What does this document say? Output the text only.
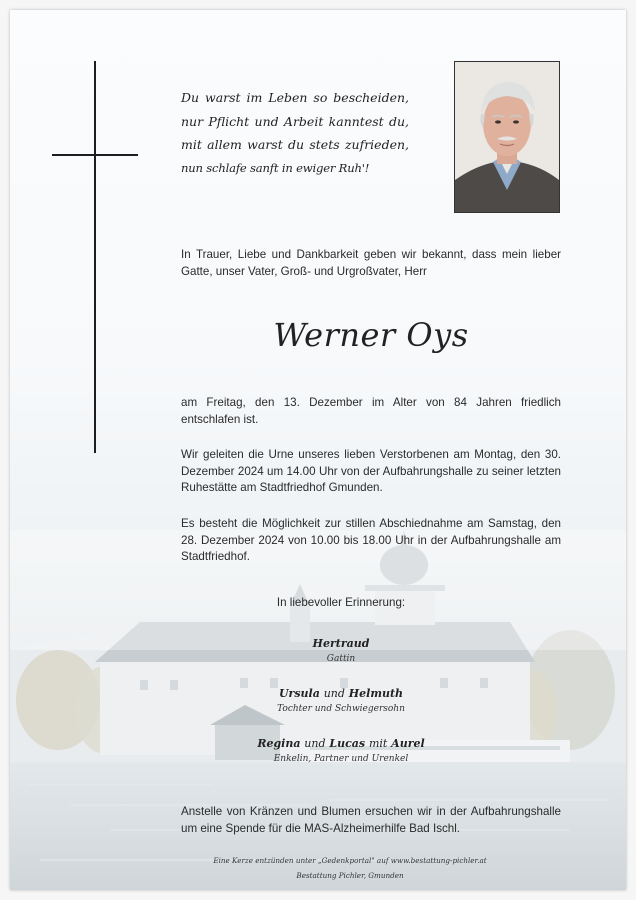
Du warst im Leben so bescheiden,
nur Pflicht und Arbeit kanntest du,
mit allem warst du stets zufrieden,
nun schlafe sanft in ewiger Ruh'!
In Trauer, Liebe und Dankbarkeit geben wir bekannt, dass mein lieber Gatte, unser Vater, Groß- und Urgroßvater, Herr
Werner Oys
am Freitag, den 13. Dezember im Alter von 84 Jahren friedlich entschlafen ist.
Wir geleiten die Urne unseres lieben Verstorbenen am Montag, den 30. Dezember 2024 um 14.00 Uhr von der Aufbahrungshalle zu seiner letzten Ruhestätte am Stadtfriedhof Gmunden.
Es besteht die Möglichkeit zur stillen Abschiednahme am Samstag, den 28. Dezember 2024 von 10.00 bis 18.00 Uhr in der Aufbahrungshalle am Stadtfriedhof.
In liebevoller Erinnerung:
Hertraud
Gattin
Ursula und Helmuth
Tochter und Schwiegersohn
Regina und Lucas mit Aurel
Enkelin, Partner und Urenkel
Anstelle von Kränzen und Blumen ersuchen wir in der Aufbahrungshalle um eine Spende für die MAS-Alzheimerhilfe Bad Ischl.
Eine Kerze entzünden unter „Gedenkportal" auf www.bestattung-pichler.at
Bestattung Pichler, Gmunden
